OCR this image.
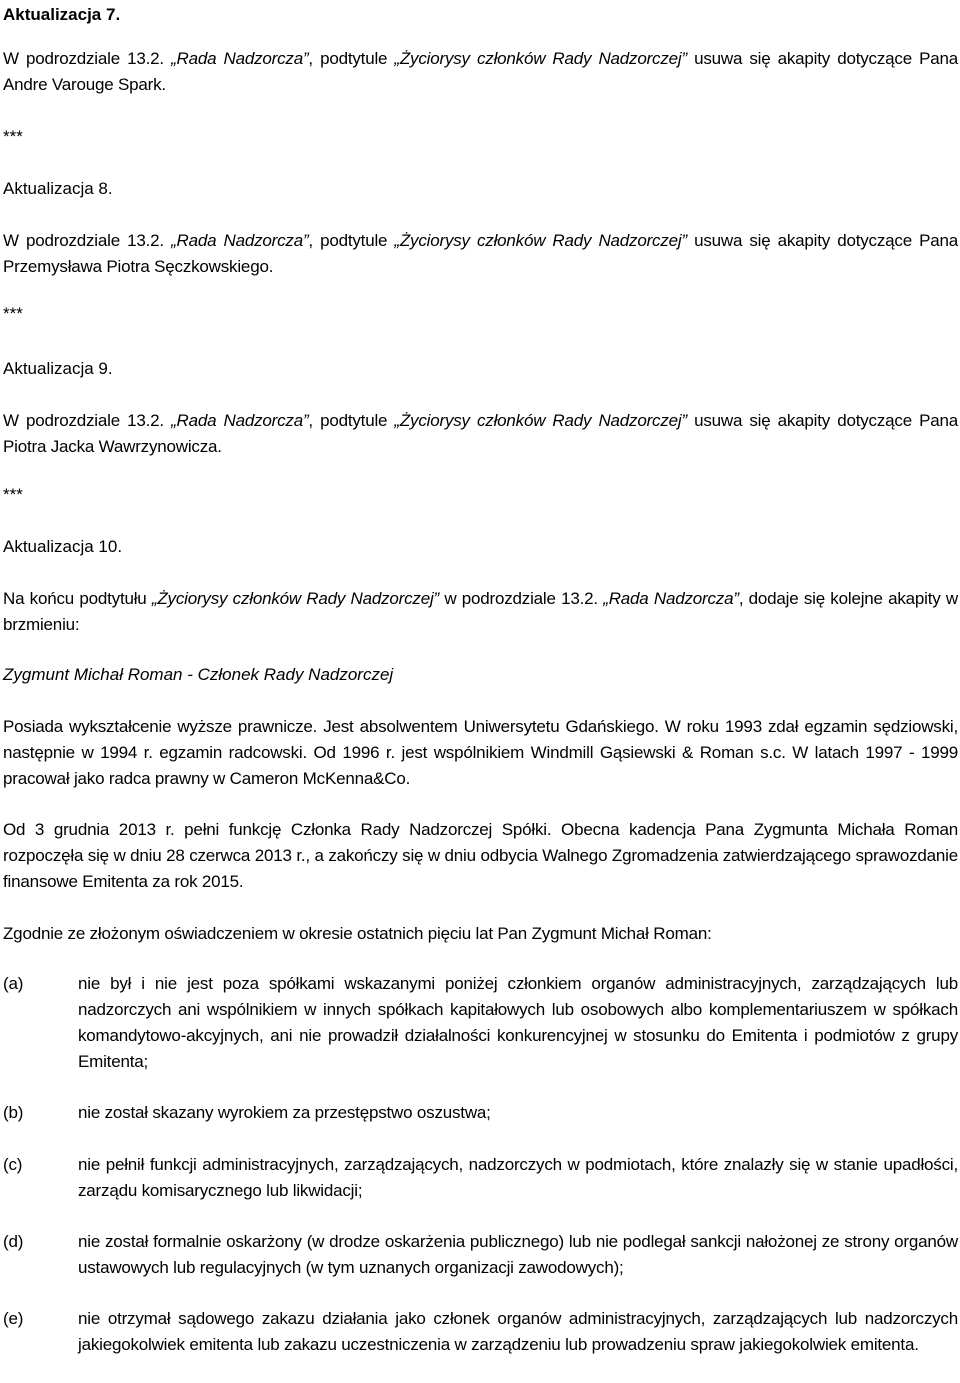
Aktualizacja 7.

W podrozdziale 13.2. „Rada Nadzorcza”, podtytule „Życiorysy członków Rady Nadzorczej” usuwa się akapity dotyczące Pana Andre Varouge Spark.

***

Aktualizacja 8.

W podrozdziale 13.2. „Rada Nadzorcza”, podtytule „Życiorysy członków Rady Nadzorczej” usuwa się akapity dotyczące Pana Przemysława Piotra Sęczkowskiego.

***

Aktualizacja 9.

W podrozdziale 13.2. „Rada Nadzorcza”, podtytule „Życiorysy członków Rady Nadzorczej” usuwa się akapity dotyczące Pana Piotra Jacka Wawrzynowicza.

***

Aktualizacja 10.

Na końcu podtytułu „Życiorysy członków Rady Nadzorczej” w podrozdziale 13.2. „Rada Nadzorcza”, dodaje się kolejne akapity w brzmieniu:

Zygmunt Michał Roman - Członek Rady Nadzorczej

Posiada wykształcenie wyższe prawnicze. Jest absolwentem Uniwersytetu Gdańskiego. W roku 1993 zdał egzamin sędziowski, następnie w 1994 r. egzamin radcowski. Od 1996 r. jest wspólnikiem Windmill Gąsiewski & Roman s.c. W latach 1997 - 1999 pracował jako radca prawny w Cameron McKenna&Co.

Od 3 grudnia 2013 r. pełni funkcję Członka Rady Nadzorczej Spółki. Obecna kadencja Pana Zygmunta Michała Roman rozpoczęła się w dniu 28 czerwca 2013 r., a zakończy się w dniu odbycia Walnego Zgromadzenia zatwierdzającego sprawozdanie finansowe Emitenta za rok 2015.

Zgodnie ze złożonym oświadczeniem w okresie ostatnich pięciu lat Pan Zygmunt Michał Roman:

(a)	nie był i nie jest poza spółkami wskazanymi poniżej członkiem organów administracyjnych, zarządzających lub nadzorczych ani wspólnikiem w innych spółkach kapitałowych lub osobowych albo komplementariuszem w spółkach komandytowo-akcyjnych, ani nie prowadził działalności konkurencyjnej w stosunku do Emitenta i podmiotów z grupy Emitenta;

(b)	nie został skazany wyrokiem za przestępstwo oszustwa;

(c)	nie pełnił funkcji administracyjnych, zarządzających, nadzorczych w podmiotach, które znalazły się w stanie upadłości, zarządu komisarycznego lub likwidacji;

(d)	nie został formalnie oskarżony (w drodze oskarżenia publicznego) lub nie podlegał sankcji nałożonej ze strony organów ustawowych lub regulacyjnych (w tym uznanych organizacji zawodowych);

(e)	nie otrzymał sądowego zakazu działania jako członek organów administracyjnych, zarządzających lub nadzorczych jakiegokolwiek emitenta lub zakazu uczestniczenia w zarządzeniu lub prowadzeniu spraw jakiegokolwiek emitenta.
